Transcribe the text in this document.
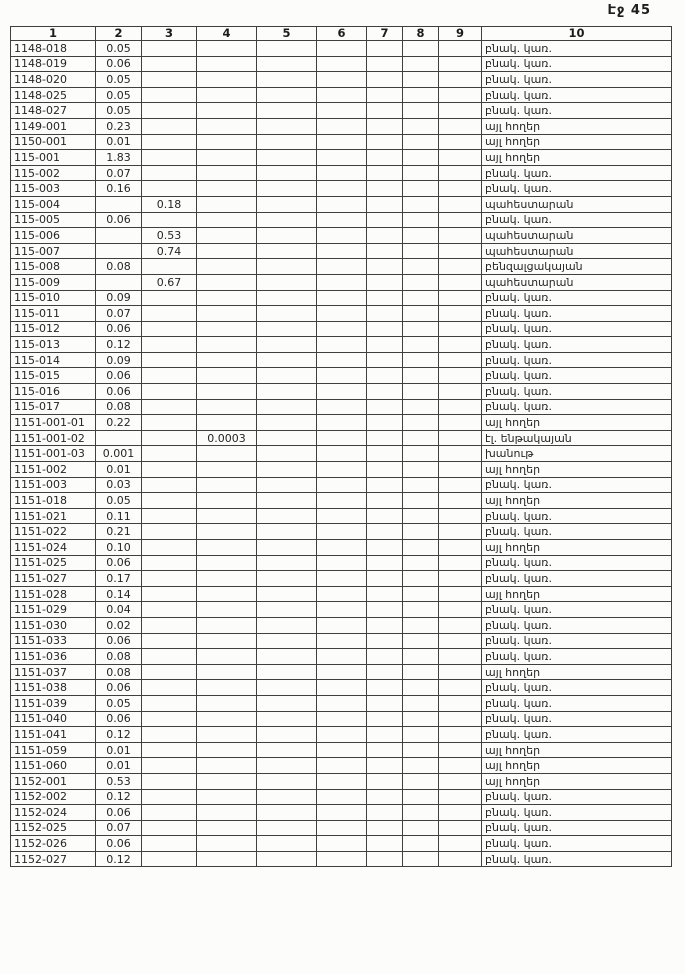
Էջ 45
1	2	3	4	5	6	7	8	9	10
1148-018	0.05								բնակ. կառ.
1148-019	0.06								բնակ. կառ.
1148-020	0.05								բնակ. կառ.
1148-025	0.05								բնակ. կառ.
1148-027	0.05								բնակ. կառ.
1149-001	0.23								այլ հողեր
1150-001	0.01								այլ հողեր
115-001	1.83								այլ հողեր
115-002	0.07								բնակ. կառ.
115-003	0.16								բնակ. կառ.
115-004		0.18							պահեստարան
115-005	0.06								բնակ. կառ.
115-006		0.53							պահեստարան
115-007		0.74							պահեստարան
115-008	0.08								բենզալցակայան
115-009		0.67							պահեստարան
115-010	0.09								բնակ. կառ.
115-011	0.07								բնակ. կառ.
115-012	0.06								բնակ. կառ.
115-013	0.12								բնակ. կառ.
115-014	0.09								բնակ. կառ.
115-015	0.06								բնակ. կառ.
115-016	0.06								բնակ. կառ.
115-017	0.08								բնակ. կառ.
1151-001-01	0.22								այլ հողեր
1151-001-02			0.0003						էլ. ենթակայան
1151-001-03	0.001								խանութ
1151-002	0.01								այլ հողեր
1151-003	0.03								բնակ. կառ.
1151-018	0.05								այլ հողեր
1151-021	0.11								բնակ. կառ.
1151-022	0.21								բնակ. կառ.
1151-024	0.10								այլ հողեր
1151-025	0.06								բնակ. կառ.
1151-027	0.17								բնակ. կառ.
1151-028	0.14								այլ հողեր
1151-029	0.04								բնակ. կառ.
1151-030	0.02								բնակ. կառ.
1151-033	0.06								բնակ. կառ.
1151-036	0.08								բնակ. կառ.
1151-037	0.08								այլ հողեր
1151-038	0.06								բնակ. կառ.
1151-039	0.05								բնակ. կառ.
1151-040	0.06								բնակ. կառ.
1151-041	0.12								բնակ. կառ.
1151-059	0.01								այլ հողեր
1151-060	0.01								այլ հողեր
1152-001	0.53								այլ հողեր
1152-002	0.12								բնակ. կառ.
1152-024	0.06								բնակ. կառ.
1152-025	0.07								բնակ. կառ.
1152-026	0.06								բնակ. կառ.
1152-027	0.12								բնակ. կառ.
